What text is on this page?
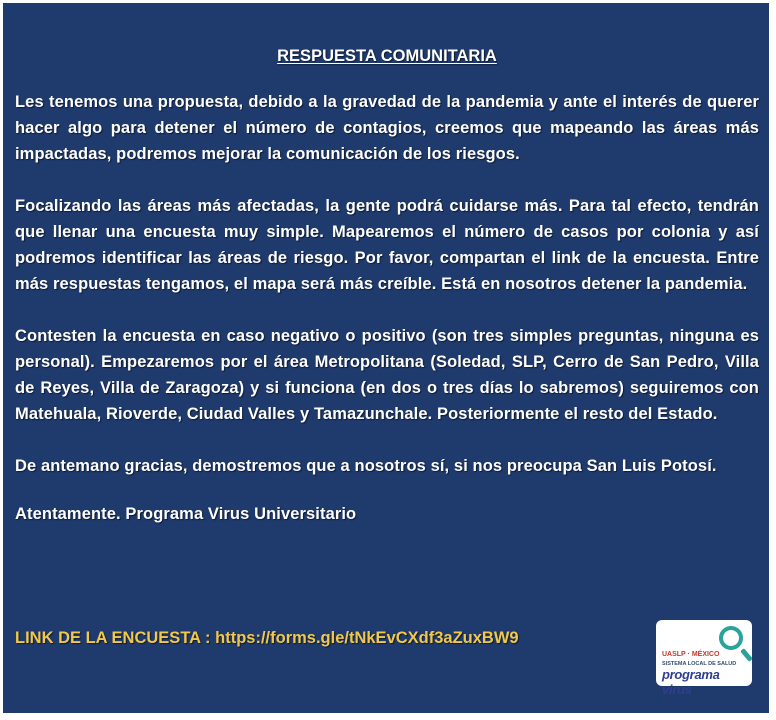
RESPUESTA COMUNITARIA

Les tenemos una propuesta, debido a la gravedad de la pandemia y ante el interés de querer hacer algo para detener el número de contagios, creemos que mapeando las áreas más impactadas, podremos mejorar la comunicación de los riesgos.

Focalizando las áreas más afectadas, la gente podrá cuidarse más. Para tal efecto, tendrán que llenar una encuesta muy simple. Mapearemos el número de casos por colonia y así podremos identificar las áreas de riesgo. Por favor, compartan el link de la encuesta. Entre más respuestas tengamos, el mapa será más creíble. Está en nosotros detener la pandemia.

Contesten la encuesta en caso negativo o positivo (son tres simples preguntas, ninguna es personal). Empezaremos por el área Metropolitana (Soledad, SLP, Cerro de San Pedro, Villa de Reyes, Villa de Zaragoza) y si funciona (en dos o tres días lo sabremos) seguiremos con Matehuala, Rioverde, Ciudad Valles y Tamazunchale. Posteriormente el resto del Estado.

De antemano gracias, demostremos que a nosotros sí, si nos preocupa San Luis Potosí.

Atentamente. Programa Virus Universitario

LINK DE LA ENCUESTA : https://forms.gle/tNkEvCXdf3aZuxBW9
UASLP · MÉXICO
SISTEMA LOCAL DE SALUD
programa virus
